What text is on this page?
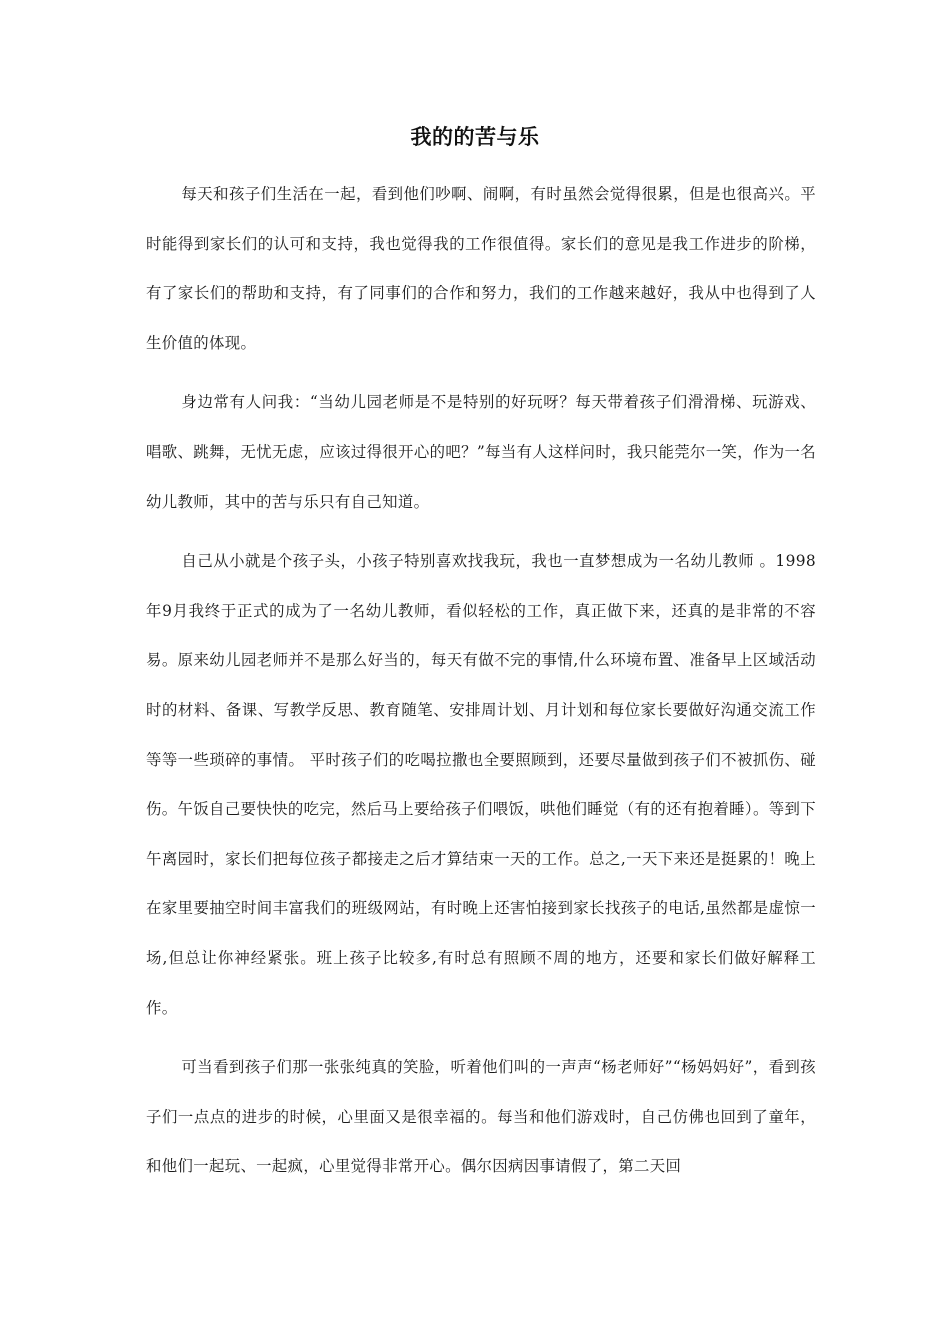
我的的苦与乐

每天和孩子们生活在一起，看到他们吵啊、闹啊，有时虽然会觉得很累，但是也很高兴。平时能得到家长们的认可和支持，我也觉得我的工作很值得。家长们的意见是我工作进步的阶梯，有了家长们的帮助和支持，有了同事们的合作和努力，我们的工作越来越好，我从中也得到了人生价值的体现。

身边常有人问我：“当幼儿园老师是不是特别的好玩呀？每天带着孩子们滑滑梯、玩游戏、唱歌、跳舞，无忧无虑，应该过得很开心的吧？”每当有人这样问时，我只能莞尔一笑，作为一名幼儿教师，其中的苦与乐只有自己知道。

自己从小就是个孩子头，小孩子特别喜欢找我玩，我也一直梦想成为一名幼儿教师 。1998年9月我终于正式的成为了一名幼儿教师，看似轻松的工作，真正做下来，还真的是非常的不容易。原来幼儿园老师并不是那么好当的，每天有做不完的事情,什么环境布置、准备早上区域活动时的材料、备课、写教学反思、教育随笔、安排周计划、月计划和每位家长要做好沟通交流工作等等一些琐碎的事情。 平时孩子们的吃喝拉撒也全要照顾到，还要尽量做到孩子们不被抓伤、碰伤。午饭自己要快快的吃完，然后马上要给孩子们喂饭，哄他们睡觉（有的还有抱着睡）。等到下午离园时，家长们把每位孩子都接走之后才算结束一天的工作。总之,一天下来还是挺累的！晚上在家里要抽空时间丰富我们的班级网站，有时晚上还害怕接到家长找孩子的电话,虽然都是虚惊一场,但总让你神经紧张。班上孩子比较多,有时总有照顾不周的地方，还要和家长们做好解释工作。

可当看到孩子们那一张张纯真的笑脸，听着他们叫的一声声“杨老师好”“杨妈妈好”，看到孩子们一点点的进步的时候，心里面又是很幸福的。每当和他们游戏时，自己仿佛也回到了童年，和他们一起玩、一起疯，心里觉得非常开心。偶尔因病因事请假了，第二天回
